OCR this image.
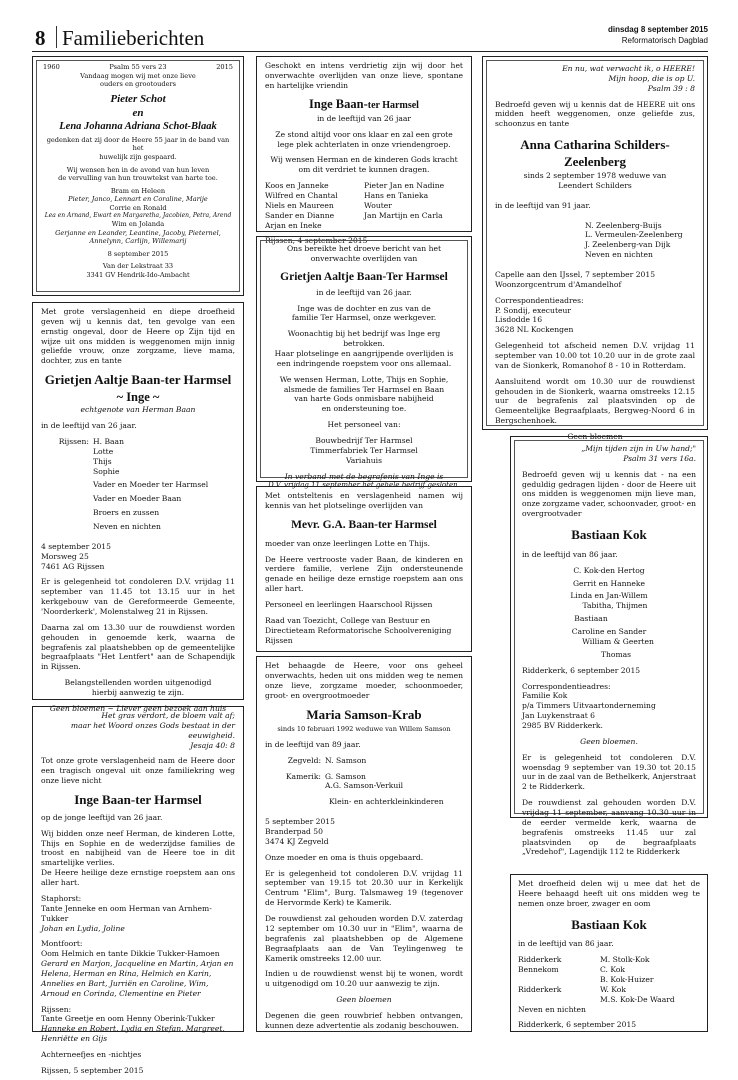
8 Familieberichten	dinsdag 8 september 2015
Reformatorisch Dagblad
1960	Psalm 55 vers 23	2015
Vandaag mogen wij met onze lieve
ouders en grootouders
Pieter Schot
en
Lena Johanna Adriana Schot-Blaak
gedenken dat zij door de Heere 55 jaar in de band van het
huwelijk zijn gespaard.
Wij wensen hen in de avond van hun leven
de vervulling van hun trouwtekst van harte toe.
Bram en Heleen
Pieter, Janco, Lennart en Coraline, Marije
Corrie en Ronald
Lea en Arnand, Ewart en Margaretha, Jacobien, Petra, Arend
Wim en Jolanda
Gerjanne en Leander, Leantine, Jacoby, Pieternel,
Annelynn, Carlijn, Willemarij
8 september 2015
Van der Lekstraat 33
3341 GV Hendrik-Ido-Ambacht
Met grote verslagenheid en diepe droefheid geven wij u kennis dat, ten gevolge van een ernstig ongeval, door de Heere op Zijn tijd en wijze uit ons midden is weggenomen mijn innig geliefde vrouw, onze zorgzame, lieve mama, dochter, zus en tante
Grietjen Aaltje Baan-ter Harmsel
~ Inge ~
echtgenote van Herman Baan
in de leeftijd van 26 jaar.
Rijssen: H. Baan
Lotte
Thijs
Sophie
Vader en Moeder ter Harmsel
Vader en Moeder Baan
Broers en zussen
Neven en nichten
4 september 2015
Morsweg 25
7461 AG Rijssen
Er is gelegenheid tot condoleren D.V. vrijdag 11 september van 11.45 tot 13.15 uur in het kerkgebouw van de Gereformeerde Gemeente, 'Noorderkerk', Molenstalweg 21 in Rijssen.
Daarna zal om 13.30 uur de rouwdienst worden gehouden in genoemde kerk, waarna de begrafenis zal plaatshebben op de gemeentelijke begraafplaats "Het Lentfert" aan de Schapendijk in Rijssen.
Belangstellenden worden uitgenodigd
hierbij aanwezig te zijn.
Geen bloemen ~ Liever geen bezoek aan huis
Het gras verdort, de bloem valt af;
maar het Woord onzes Gods bestaat in der eeuwigheid.
Jesaja 40: 8
Tot onze grote verslagenheid nam de Heere door een tragisch ongeval uit onze familiekring weg onze lieve nicht
Inge Baan-ter Harmsel
op de jonge leeftijd van 26 jaar.
Wij bidden onze neef Herman, de kinderen Lotte, Thijs en Sophie en de wederzijdse families de troost en nabijheid van de Heere toe in dit smartelijke verlies.
De Heere heilige deze ernstige roepstem aan ons aller hart.
Staphorst:
Tante Jenneke en oom Herman van Arnhem-Tukker
Johan en Lydia, Joline
Montfoort:
Oom Helmich en tante Dikkie Tukker-Hamoen
Gerard en Marjon, Jacqueline en Martin, Arjan en
Helena, Herman en Rina, Helmich en Karin,
Annelies en Bart, Jurriën en Caroline, Wim,
Arnoud en Corinda, Clementine en Pieter
Rijssen:
Tante Greetje en oom Henny Oberink-Tukker
Hanneke en Robert, Lydia en Stefan, Margreet,
Henriëtte en Gijs
Achterneefjes en -nichtjes
Rijssen, 5 september 2015
Geschokt en intens verdrietig zijn wij door het onverwachte overlijden van onze lieve, spontane en hartelijke vriendin
Inge Baan-ter Harmsel
in de leeftijd van 26 jaar
Ze stond altijd voor ons klaar en zal een grote
lege plek achterlaten in onze vriendengroep.
Wij wensen Herman en de kinderen Gods kracht
om dit verdriet te kunnen dragen.
Koos en Janneke
Wilfred en Chantal
Niels en Maureen
Sander en Dianne
Arjan en Ineke
Pieter Jan en Nadine
Hans en Tanieka
Wouter
Jan Martijn en Carla
Rijssen, 4 september 2015
Ons bereikte het droeve bericht van het
onverwachte overlijden van
Grietjen Aaltje Baan-Ter Harmsel
in de leeftijd van 26 jaar.
Inge was de dochter en zus van de
familie Ter Harmsel, onze werkgever.
Woonachtig bij het bedrijf was Inge erg betrokken.
Haar plotselinge en aangrijpende overlijden is
een indringende roepstem voor ons allemaal.
We wensen Herman, Lotte, Thijs en Sophie,
alsmede de families Ter Harmsel en Baan
van harte Gods onmisbare nabijheid
en ondersteuning toe.
Het personeel van:
Bouwbedrijf Ter Harmsel
Timmerfabriek Ter Harmsel
Variahuis
In verband met de begrafenis van Inge is
D.V. vrijdag 11 september het gehele bedrijf gesloten.
Met ontsteltenis en verslagenheid namen wij kennis van het plotselinge overlijden van
Mevr. G.A. Baan-ter Harmsel
moeder van onze leerlingen Lotte en Thijs.
De Heere vertrooste vader Baan, de kinderen en verdere familie, verlene Zijn ondersteunende genade en heilige deze ernstige roepstem aan ons aller hart.
Personeel en leerlingen Haarschool Rijssen
Raad van Toezicht, College van Bestuur en Directieteam Reformatorische Schoolvereniging Rijssen
Het behaagde de Heere, voor ons geheel onverwachts, heden uit ons midden weg te nemen onze lieve, zorgzame moeder, schoonmoeder, groot- en overgrootmoeder
Maria Samson-Krab
sinds 10 februari 1992 weduwe van Willem Samson
in de leeftijd van 89 jaar.
Zegveld: N. Samson
Kamerik: G. Samson
A.G. Samson-Verkuil
Klein- en achterkleinkinderen
5 september 2015
Branderpad 50
3474 KJ Zegveld
Onze moeder en oma is thuis opgebaard.
Er is gelegenheid tot condoleren D.V. vrijdag 11 september van 19.15 tot 20.30 uur in Kerkelijk Centrum "Elim", Burg. Talsmaweg 19 (tegenover de Hervormde Kerk) te Kamerik.
De rouwdienst zal gehouden worden D.V. zaterdag 12 september om 10.30 uur in "Elim", waarna de begrafenis zal plaatshebben op de Algemene Begraafplaats aan de Van Teylingenweg te Kamerik omstreeks 12.00 uur.
Indien u de rouwdienst wenst bij te wonen, wordt u uitgenodigd om 10.20 uur aanwezig te zijn.
Geen bloemen
Degenen die geen rouwbrief hebben ontvangen, kunnen deze advertentie als zodanig beschouwen.
En nu, wat verwacht ik, o HEERE!
Mijn hoop, die is op U.
Psalm 39 : 8
Bedroefd geven wij u kennis dat de HEERE uit ons midden heeft weggenomen, onze geliefde zus, schoonzus en tante
Anna Catharina Schilders-
Zeelenberg
sinds 2 september 1978 weduwe van
Leendert Schilders
in de leeftijd van 91 jaar.
N. Zeelenberg-Buijs
L. Vermeulen-Zeelenberg
J. Zeelenberg-van Dijk
Neven en nichten
Capelle aan den IJssel, 7 september 2015
Woonzorgcentrum d'Amandelhof
Correspondentieadres:
P. Sondij, executeur
Lisdodde 16
3628 NL Kockengen
Gelegenheid tot afscheid nemen D.V. vrijdag 11 september van 10.00 tot 10.20 uur in de grote zaal van de Sionkerk, Romanohof 8 - 10 in Rotterdam.
Aansluitend wordt om 10.30 uur de rouwdienst gehouden in de Sionkerk, waarna omstreeks 12.15 uur de begrafenis zal plaatsvinden op de Gemeentelijke Begraafplaats, Bergweg-Noord 6 in Bergschenhoek.
Geen bloemen
„Mijn tijden zijn in Uw hand;"
Psalm 31 vers 16a.
Bedroefd geven wij u kennis dat - na een geduldig gedragen lijden - door de Heere uit ons midden is weggenomen mijn lieve man, onze zorgzame vader, schoonvader, groot- en overgrootvader
Bastiaan Kok
in de leeftijd van 86 jaar.
C. Kok-den Hertog
Gerrit en Hanneke
Linda en Jan-Willem
Tabitha, Thijmen
Bastiaan
Caroline en Sander
William & Geerten
Thomas
Ridderkerk, 6 september 2015
Correspondentieadres:
Familie Kok
p/a Timmers Uitvaartonderneming
Jan Luykenstraat 6
2985 BV Ridderkerk.
Geen bloemen.
Er is gelegenheid tot condoleren D.V. woensdag 9 september van 19.30 tot 20.15 uur in de zaal van de Bethelkerk, Anjerstraat 2 te Ridderkerk.
De rouwdienst zal gehouden worden D.V. vrijdag 11 september, aanvang 10.30 uur in de eerder vermelde kerk, waarna de begrafenis omstreeks 11.45 uur zal plaatsvinden op de begraafplaats „Vredehof", Lagendijk 112 te Ridderkerk
Met droefheid delen wij u mee dat het de Heere behaagd heeft uit ons midden weg te nemen onze broer, zwager en oom
Bastiaan Kok
in de leeftijd van 86 jaar.
Ridderkerk	M. Stolk-Kok
Bennekom	C. Kok
B. Kok-Huizer
Ridderkerk	W. Kok
M.S. Kok-De Waard
Neven en nichten
Ridderkerk, 6 september 2015
